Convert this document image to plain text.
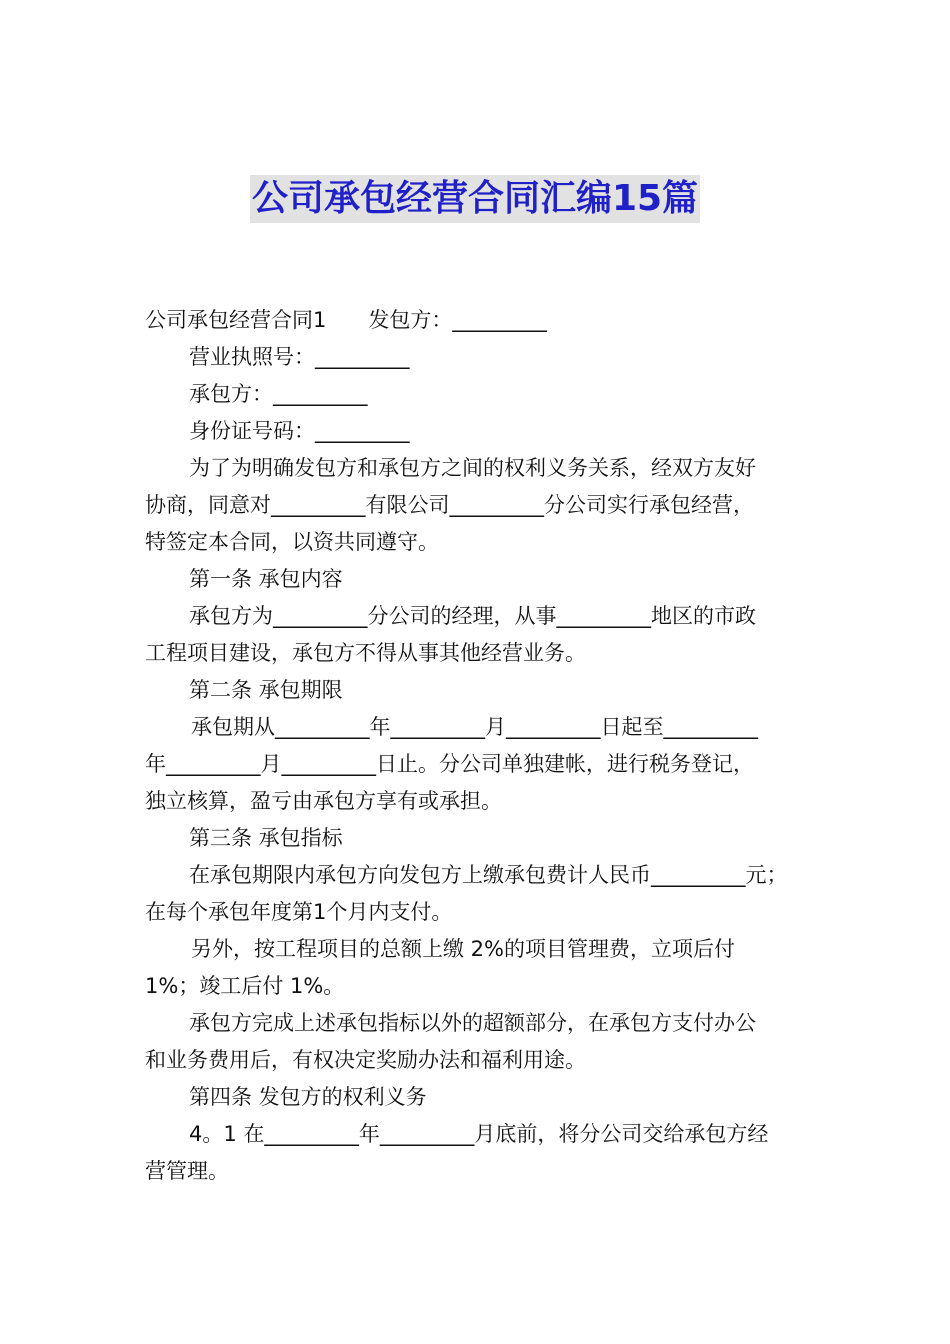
公司承包经营合同汇编15篇

公司承包经营合同1 发包方：_________

营业执照号：_________

承包方：_________

身份证号码：_________

为了为明确发包方和承包方之间的权利义务关系，经双方友好

协商，同意对_________有限公司_________分公司实行承包经营，

特签定本合同，以资共同遵守。

第一条 承包内容

承包方为_________分公司的经理，从事_________地区的市政

工程项目建设，承包方不得从事其他经营业务。

第二条 承包期限

承包期从_________年_________月_________日起至_________

年_________月_________日止。分公司单独建帐，进行税务登记，

独立核算，盈亏由承包方享有或承担。

第三条 承包指标

在承包期限内承包方向发包方上缴承包费计人民币_________元；

在每个承包年度第1个月内支付。

另外，按工程项目的总额上缴 2%的项目管理费，立项后付

1%；竣工后付 1%。

承包方完成上述承包指标以外的超额部分，在承包方支付办公

和业务费用后，有权决定奖励办法和福利用途。

第四条 发包方的权利义务

4。1 在_________年_________月底前，将分公司交给承包方经

营管理。
